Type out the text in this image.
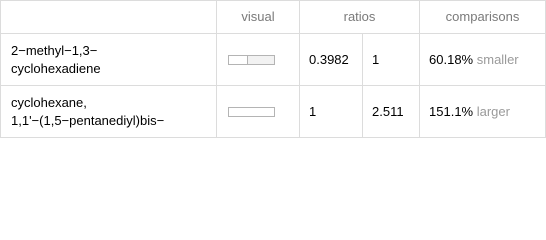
	visual	ratios		comparisons
2−methyl−1,3−
cyclohexadiene		0.3982	1	60.18% smaller
cyclohexane,
1,1'−(1,5−pentanediyl)bis−		1	2.511	151.1% larger
